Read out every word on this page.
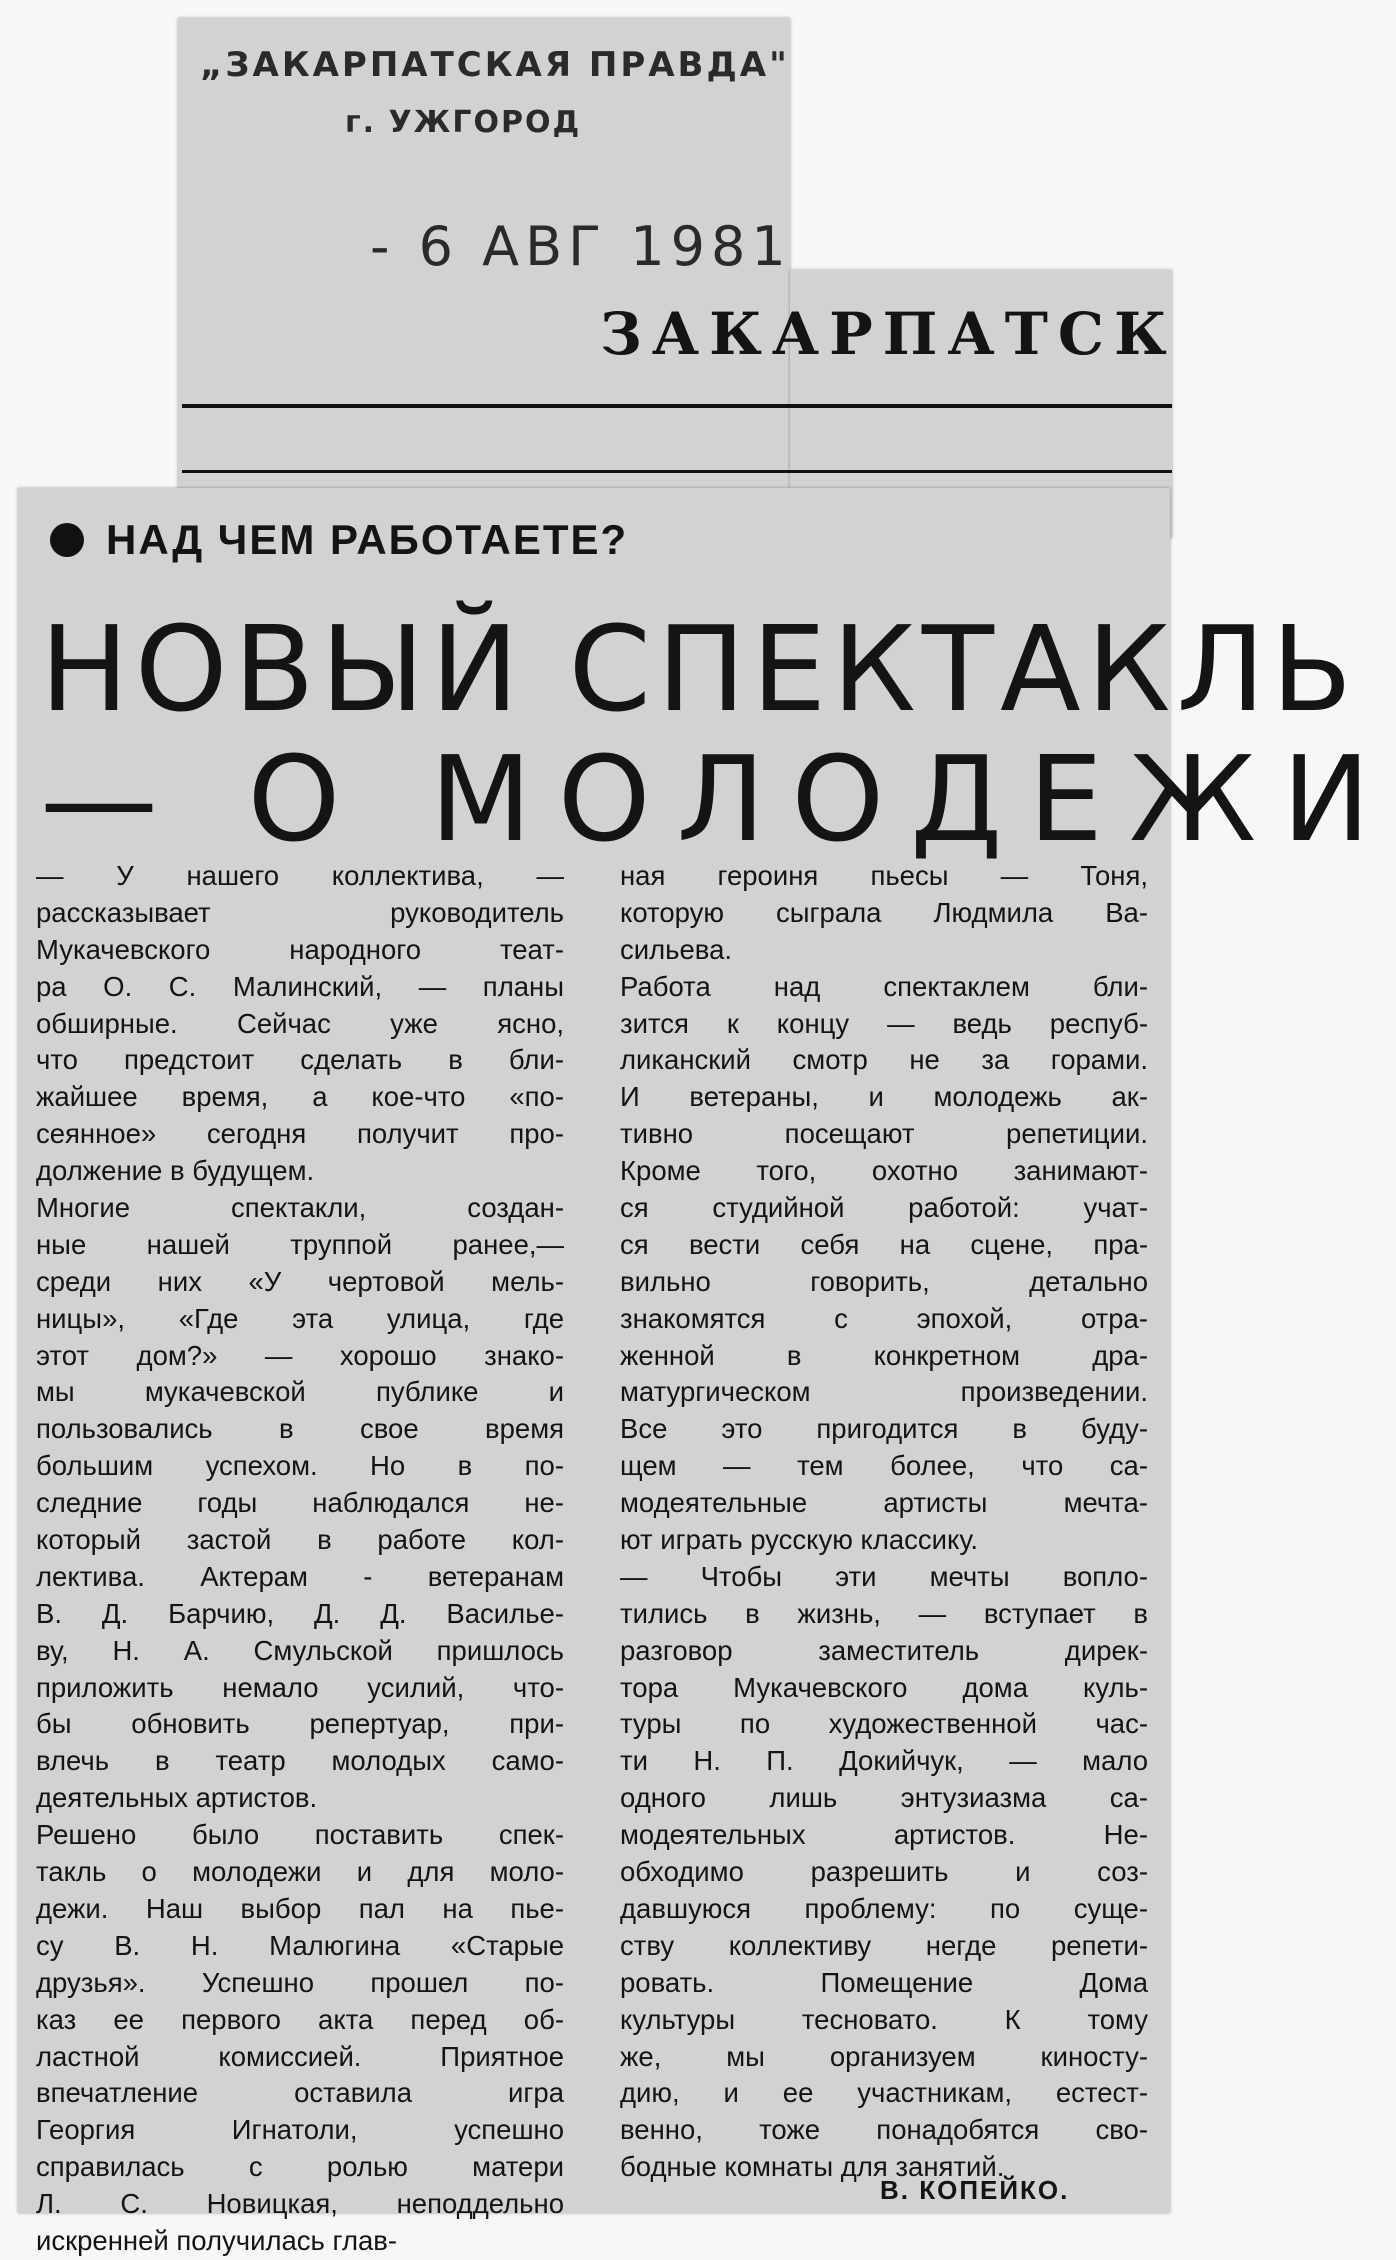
„ЗАКАРПАТСКАЯ ПРАВДА"
г. УЖГОРОД
- 6 АВГ 1981
ЗАКАРПАТСК
НАД ЧЕМ РАБОТАЕТЕ?
НОВЫЙ СПЕКТАКЛЬ
— О МОЛОДЕЖИ
— У нашего коллектива, —
рассказывает руководитель
Мукачевского народного теат-
ра О. С. Малинский, — планы
обширные. Сейчас уже ясно,
что предстоит сделать в бли-
жайшее время, а кое-что «по-
сеянное» сегодня получит про-
должение в будущем.
Многие спектакли, создан-
ные нашей труппой ранее,—
среди них «У чертовой мель-
ницы», «Где эта улица, где
этот дом?» — хорошо знако-
мы мукачевской публике и
пользовались в свое время
большим успехом. Но в по-
следние годы наблюдался не-
который застой в работе кол-
лектива. Актерам - ветеранам
В. Д. Барчию, Д. Д. Васильe-
ву, Н. А. Смульской пришлось
приложить немало усилий, что-
бы обновить репертуар, при-
влечь в театр молодых само-
деятельных артистов.
Решено было поставить спек-
такль о молодежи и для моло-
дежи. Наш выбор пал на пье-
су В. Н. Малюгина «Старые
друзья». Успешно прошел по-
каз ее первого акта перед об-
ластной комиссией. Приятное
впечатление оставила игра
Георгия Игнатоли, успешно
справилась с ролью матери
Л. С. Новицкая, неподдельно
искренней получилась глав-
ная героиня пьесы — Тоня,
которую сыграла Людмила Ва-
сильева.
Работа над спектаклем бли-
зится к концу — ведь респуб-
ликанский смотр не за горами.
И ветераны, и молодежь ак-
тивно посещают репетиции.
Кроме того, охотно занимают-
ся студийной работой: учат-
ся вести себя на сцене, пра-
вильно говорить, детально
знакомятся с эпохой, отра-
женной в конкретном дра-
матургическом произведении.
Все это пригодится в буду-
щем — тем более, что са-
модеятельные артисты мечта-
ют играть русскую классику.
— Чтобы эти мечты вопло-
тились в жизнь, — вступает в
разговор заместитель дирек-
тора Мукачевского дома куль-
туры по художественной час-
ти Н. П. Докийчук, — мало
одного лишь энтузиазма са-
модеятельных артистов. Не-
обходимо разрешить и соз-
давшуюся проблему: по суще-
ству коллективу негде репети-
ровать. Помещение Дома
культуры тесновато. К тому
же, мы организуем киносту-
дию, и ее участникам, естест-
венно, тоже понадобятся сво-
бодные комнаты для занятий.
В. КОПЕЙКО.
